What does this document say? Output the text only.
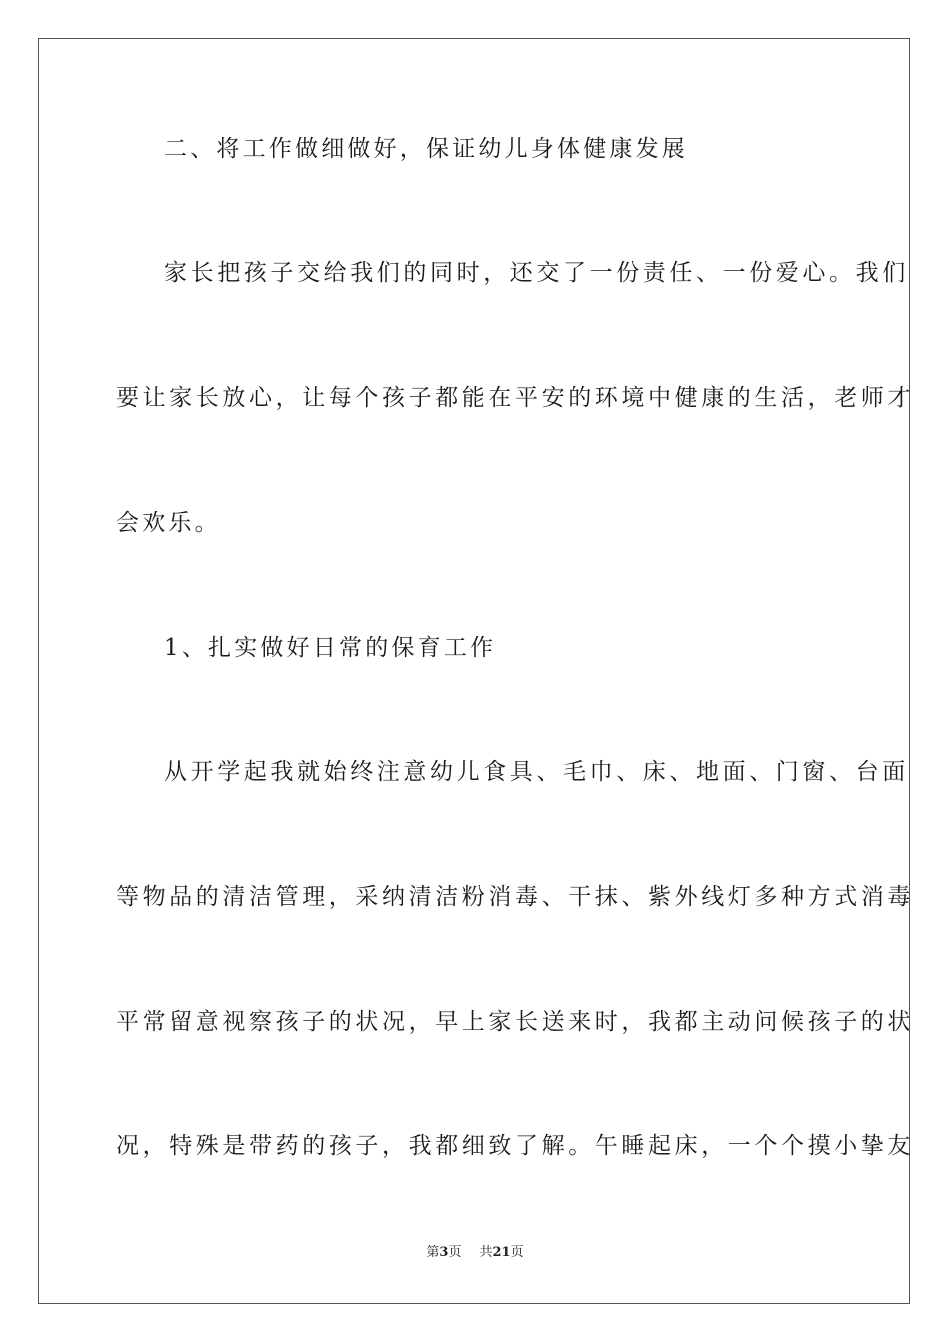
二、将工作做细做好，保证幼儿身体健康发展
家长把孩子交给我们的同时，还交了一份责任、一份爱心。我们
要让家长放心，让每个孩子都能在平安的环境中健康的生活，老师才
会欢乐。
1、扎实做好日常的保育工作
从开学起我就始终注意幼儿食具、毛巾、床、地面、门窗、台面
等物品的清洁管理，采纳清洁粉消毒、干抹、紫外线灯多种方式消毒
平常留意视察孩子的状况，早上家长送来时，我都主动问候孩子的状
况，特殊是带药的孩子，我都细致了解。午睡起床，一个个摸小挚友
第3页 共21页
